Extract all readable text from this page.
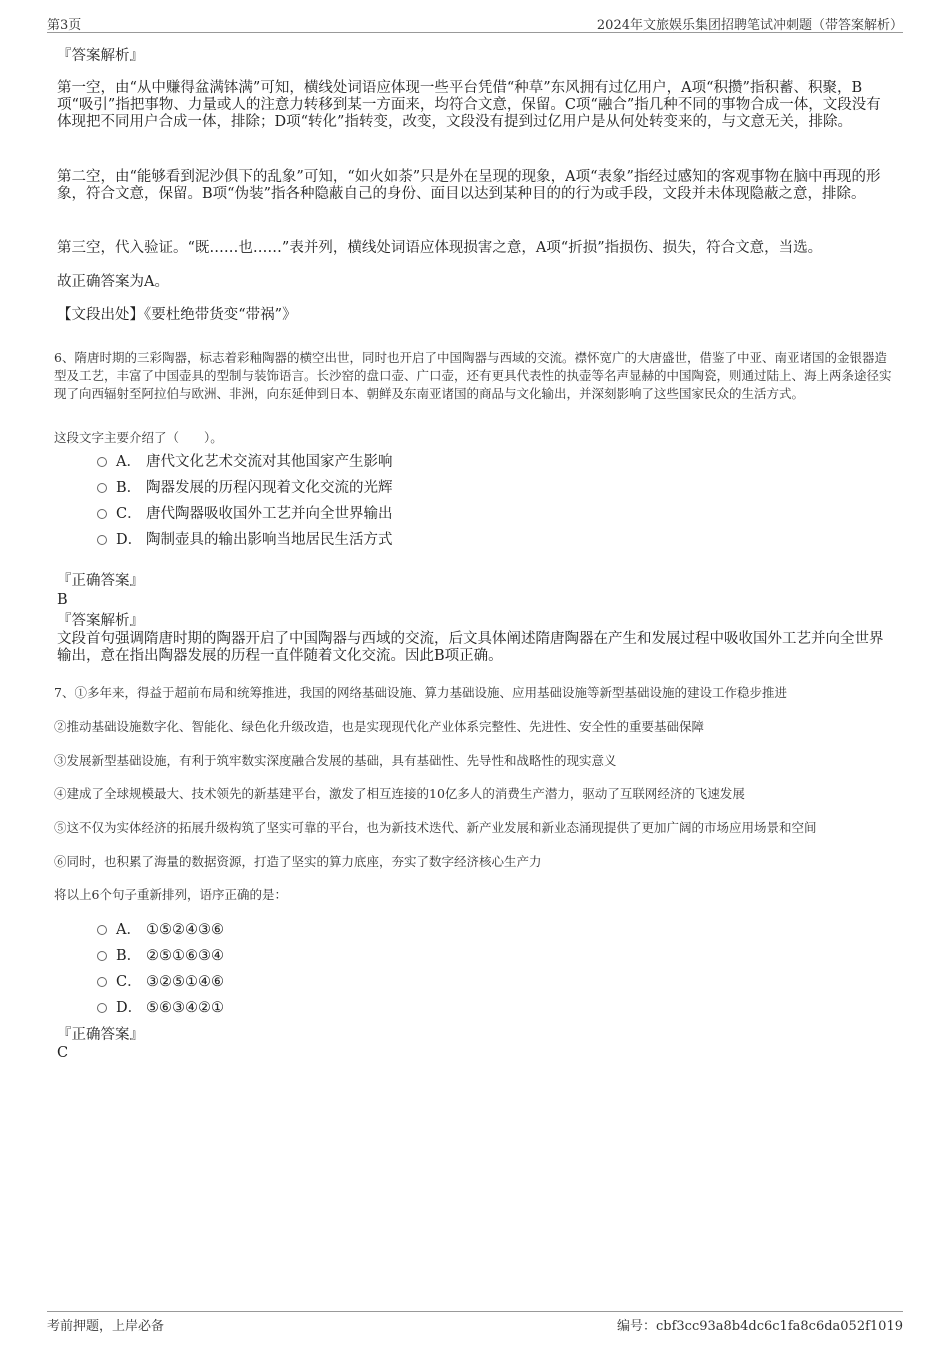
第3页	2024年文旅娱乐集团招聘笔试冲刺题（带答案解析）

『答案解析』

第一空，由“从中赚得盆满钵满”可知，横线处词语应体现一些平台凭借“种草”东风拥有过亿用户，A项“积攒”指积蓄、积聚，B项“吸引”指把事物、力量或人的注意力转移到某一方面来，均符合文意，保留。C项“融合”指几种不同的事物合成一体，文段没有体现把不同用户合成一体，排除；D项“转化”指转变，改变，文段没有提到过亿用户是从何处转变来的，与文意无关，排除。

第二空，由“能够看到泥沙俱下的乱象”可知，“如火如荼”只是外在呈现的现象，A项“表象”指经过感知的客观事物在脑中再现的形象，符合文意，保留。B项“伪装”指各种隐蔽自己的身份、面目以达到某种目的的行为或手段，文段并未体现隐蔽之意，排除。

第三空，代入验证。“既……也……”表并列，横线处词语应体现损害之意，A项“折损”指损伤、损失，符合文意，当选。

故正确答案为A。

【文段出处】《要杜绝带货变“带祸”》

6、隋唐时期的三彩陶器，标志着彩釉陶器的横空出世，同时也开启了中国陶器与西域的交流。襟怀宽广的大唐盛世，借鉴了中亚、南亚诸国的金银器造型及工艺，丰富了中国壶具的型制与装饰语言。长沙窑的盘口壶、广口壶，还有更具代表性的执壶等名声显赫的中国陶瓷，则通过陆上、海上两条途径实现了向西辐射至阿拉伯与欧洲、非洲，向东延伸到日本、朝鲜及东南亚诸国的商品与文化输出，并深刻影响了这些国家民众的生活方式。

这段文字主要介绍了（　　）。

A． 唐代文化艺术交流对其他国家产生影响
B． 陶器发展的历程闪现着文化交流的光辉
C． 唐代陶器吸收国外工艺并向全世界输出
D． 陶制壶具的输出影响当地居民生活方式

『正确答案』

B

『答案解析』

文段首句强调隋唐时期的陶器开启了中国陶器与西域的交流，后文具体阐述隋唐陶器在产生和发展过程中吸收国外工艺并向全世界输出，意在指出陶器发展的历程一直伴随着文化交流。因此B项正确。

7、①多年来，得益于超前布局和统筹推进，我国的网络基础设施、算力基础设施、应用基础设施等新型基础设施的建设工作稳步推进

②推动基础设施数字化、智能化、绿色化升级改造，也是实现现代化产业体系完整性、先进性、安全性的重要基础保障

③发展新型基础设施，有利于筑牢数实深度融合发展的基础，具有基础性、先导性和战略性的现实意义

④建成了全球规模最大、技术领先的新基建平台，激发了相互连接的10亿多人的消费生产潜力，驱动了互联网经济的飞速发展

⑤这不仅为实体经济的拓展升级构筑了坚实可靠的平台，也为新技术迭代、新产业发展和新业态涌现提供了更加广阔的市场应用场景和空间

⑥同时，也积累了海量的数据资源，打造了坚实的算力底座，夯实了数字经济核心生产力

将以上6个句子重新排列，语序正确的是：

A． ①⑤②④③⑥
B． ②⑤①⑥③④
C． ③②⑤①④⑥
D． ⑤⑥③④②①

『正确答案』

C

考前押题，上岸必备	编号：cbf3cc93a8b4dc6c1fa8c6da052f1019
